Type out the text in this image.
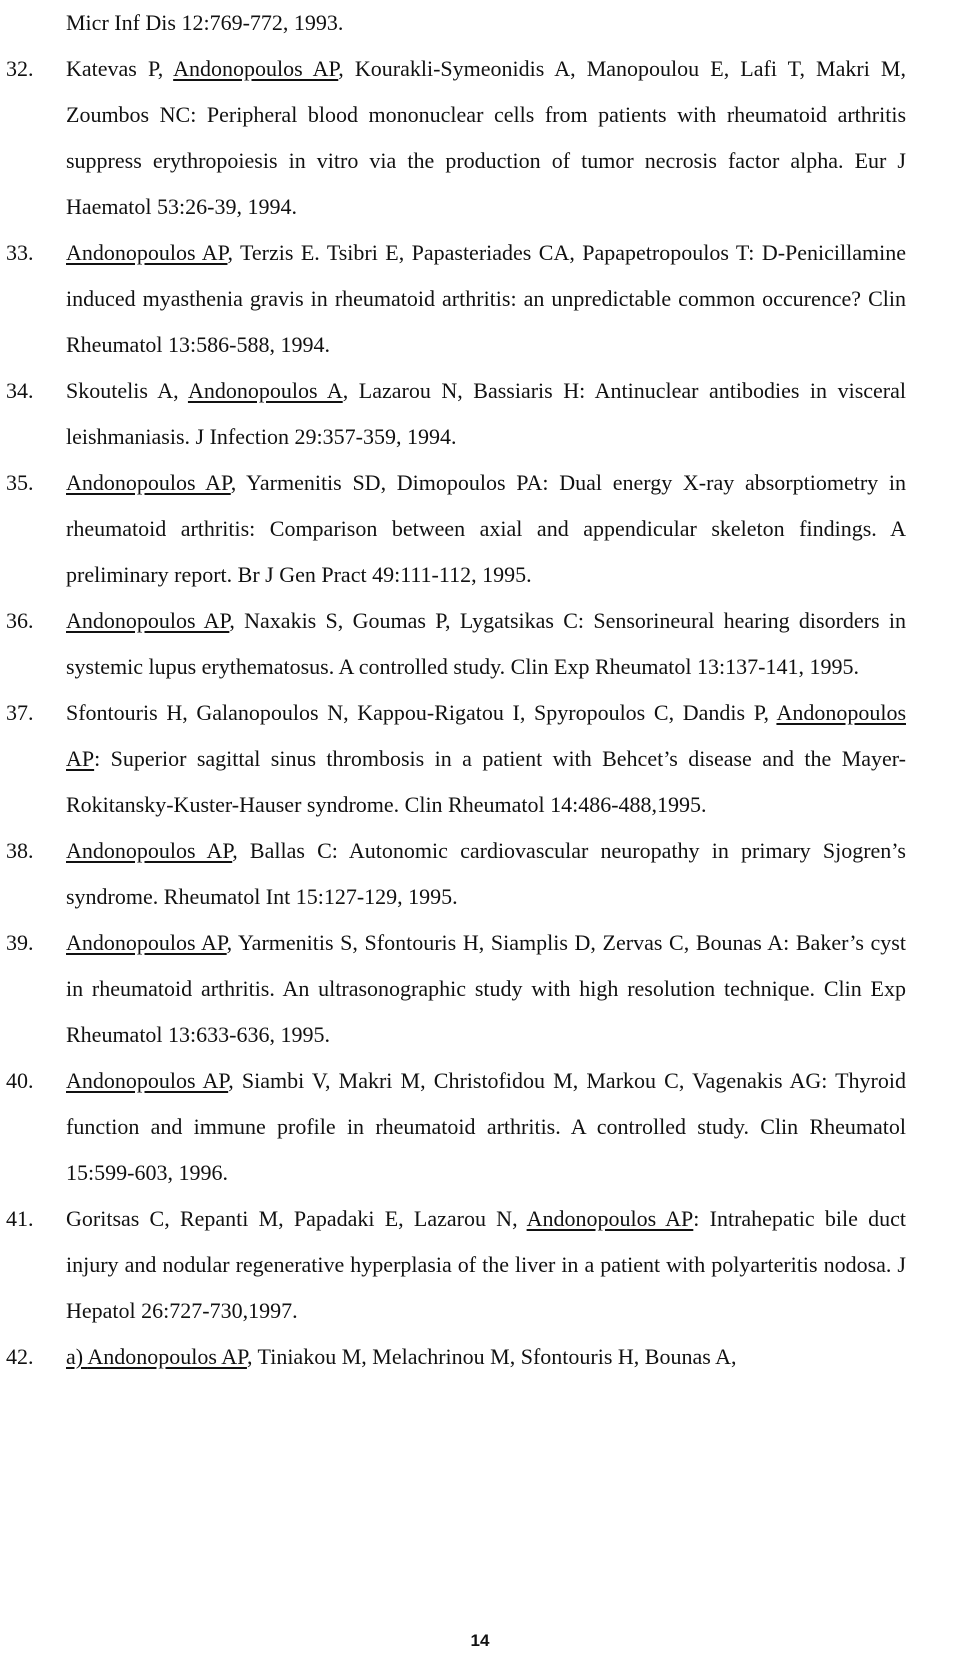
Micr Inf Dis 12:769-772, 1993.
32. Katevas P, Andonopoulos AP, Kourakli-Symeonidis A, Manopoulou E, Lafi T, Makri M, Zoumbos NC: Peripheral blood mononuclear cells from patients with rheumatoid arthritis suppress erythropoiesis in vitro via the production of tumor necrosis factor alpha. Eur J Haematol 53:26-39, 1994.
33. Andonopoulos AP, Terzis E. Tsibri E, Papasteriades CA, Papapetropoulos T: D-Penicillamine induced myasthenia gravis in rheumatoid arthritis: an unpredictable common occurence? Clin Rheumatol 13:586-588, 1994.
34. Skoutelis A, Andonopoulos A, Lazarou N, Bassiaris H: Antinuclear antibodies in visceral leishmaniasis. J Infection 29:357-359, 1994.
35. Andonopoulos AP, Yarmenitis SD, Dimopoulos PA: Dual energy X-ray absorptiometry in rheumatoid arthritis: Comparison between axial and appendicular skeleton findings. A preliminary report. Br J Gen Pract 49:111-112, 1995.
36. Andonopoulos AP, Naxakis S, Goumas P, Lygatsikas C: Sensorineural hearing disorders in systemic lupus erythematosus. A controlled study. Clin Exp Rheumatol 13:137-141, 1995.
37. Sfontouris H, Galanopoulos N, Kappou-Rigatou I, Spyropoulos C, Dandis P, Andonopoulos AP: Superior sagittal sinus thrombosis in a patient with Behcet’s disease and the Mayer-Rokitansky-Kuster-Hauser syndrome. Clin Rheumatol 14:486-488,1995.
38. Andonopoulos AP, Ballas C: Autonomic cardiovascular neuropathy in primary Sjogren’s syndrome. Rheumatol Int 15:127-129, 1995.
39. Andonopoulos AP, Yarmenitis S, Sfontouris H, Siamplis D, Zervas C, Bounas A: Baker’s cyst in rheumatoid arthritis. An ultrasonographic study with high resolution technique. Clin Exp Rheumatol 13:633-636, 1995.
40. Andonopoulos AP, Siambi V, Makri M, Christofidou M, Markou C, Vagenakis AG: Thyroid function and immune profile in rheumatoid arthritis. A controlled study. Clin Rheumatol 15:599-603, 1996.
41. Goritsas C, Repanti M, Papadaki E, Lazarou N, Andonopoulos AP: Intrahepatic bile duct injury and nodular regenerative hyperplasia of the liver in a patient with polyarteritis nodosa. J Hepatol 26:727-730,1997.
42. a) Andonopoulos AP, Tiniakou M, Melachrinou M, Sfontouris H, Bounas A,
14
